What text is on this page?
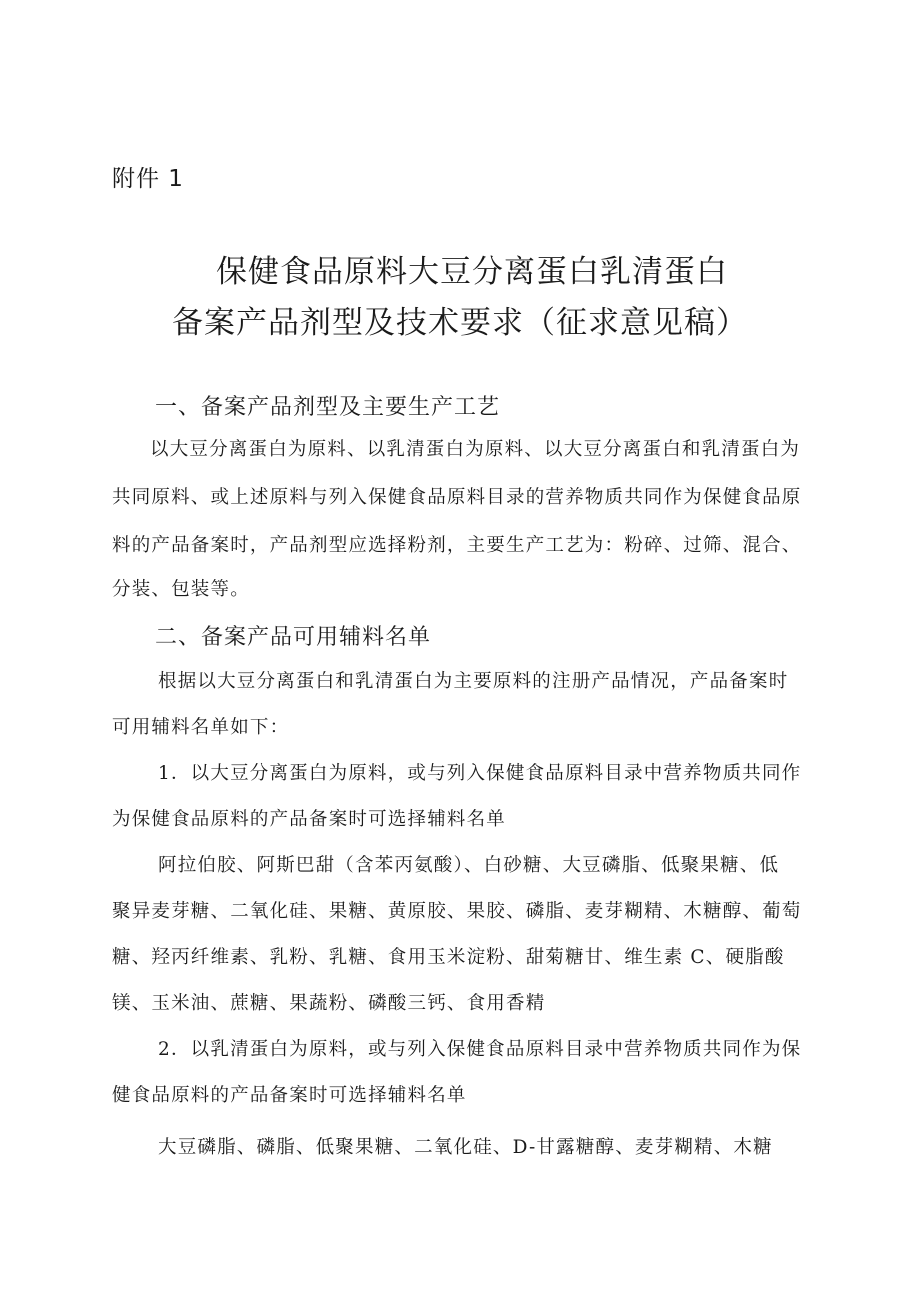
附件 1
保健食品原料大豆分离蛋白乳清蛋白
备案产品剂型及技术要求（征求意见稿）
一、备案产品剂型及主要生产工艺
以大豆分离蛋白为原料、以乳清蛋白为原料、以大豆分离蛋白和乳清蛋白为
共同原料、或上述原料与列入保健食品原料目录的营养物质共同作为保健食品原
料的产品备案时，产品剂型应选择粉剂，主要生产工艺为：粉碎、过筛、混合、
分装、包装等。
二、备案产品可用辅料名单
根据以大豆分离蛋白和乳清蛋白为主要原料的注册产品情况，产品备案时
可用辅料名单如下：
1．以大豆分离蛋白为原料，或与列入保健食品原料目录中营养物质共同作
为保健食品原料的产品备案时可选择辅料名单
阿拉伯胶、阿斯巴甜（含苯丙氨酸）、白砂糖、大豆磷脂、低聚果糖、低
聚异麦芽糖、二氧化硅、果糖、黄原胶、果胶、磷脂、麦芽糊精、木糖醇、葡萄
糖、羟丙纤维素、乳粉、乳糖、食用玉米淀粉、甜菊糖甘、维生素 C、硬脂酸
镁、玉米油、蔗糖、果蔬粉、磷酸三钙、食用香精
2．以乳清蛋白为原料，或与列入保健食品原料目录中营养物质共同作为保
健食品原料的产品备案时可选择辅料名单
大豆磷脂、磷脂、低聚果糖、二氧化硅、D-甘露糖醇、麦芽糊精、木糖
